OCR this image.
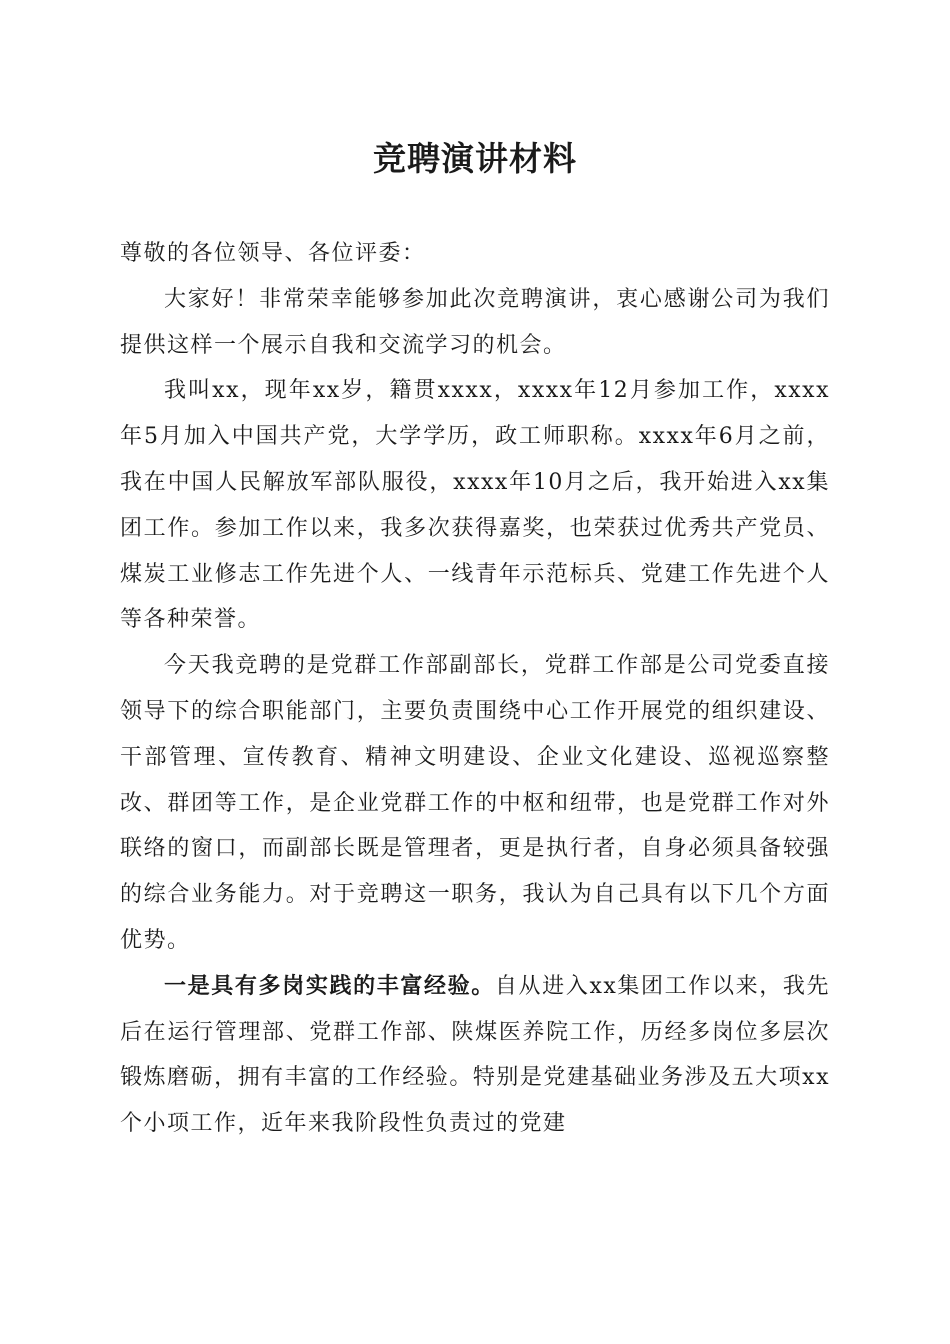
竞聘演讲材料

尊敬的各位领导、各位评委：

大家好！非常荣幸能够参加此次竞聘演讲，衷心感谢公司为我们提供这样一个展示自我和交流学习的机会。

我叫xx，现年xx岁，籍贯xxxx，xxxx年12月参加工作，xxxx年5月加入中国共产党，大学学历，政工师职称。xxxx年6月之前，我在中国人民解放军部队服役，xxxx年10月之后，我开始进入xx集团工作。参加工作以来，我多次获得嘉奖，也荣获过优秀共产党员、煤炭工业修志工作先进个人、一线青年示范标兵、党建工作先进个人等各种荣誉。

今天我竞聘的是党群工作部副部长，党群工作部是公司党委直接领导下的综合职能部门，主要负责围绕中心工作开展党的组织建设、干部管理、宣传教育、精神文明建设、企业文化建设、巡视巡察整改、群团等工作，是企业党群工作的中枢和纽带，也是党群工作对外联络的窗口，而副部长既是管理者，更是执行者，自身必须具备较强的综合业务能力。对于竞聘这一职务，我认为自己具有以下几个方面优势。

一是具有多岗实践的丰富经验。自从进入xx集团工作以来，我先后在运行管理部、党群工作部、陕煤医养院工作，历经多岗位多层次锻炼磨砺，拥有丰富的工作经验。特别是党建基础业务涉及五大项xx个小项工作，近年来我阶段性负责过的党建
